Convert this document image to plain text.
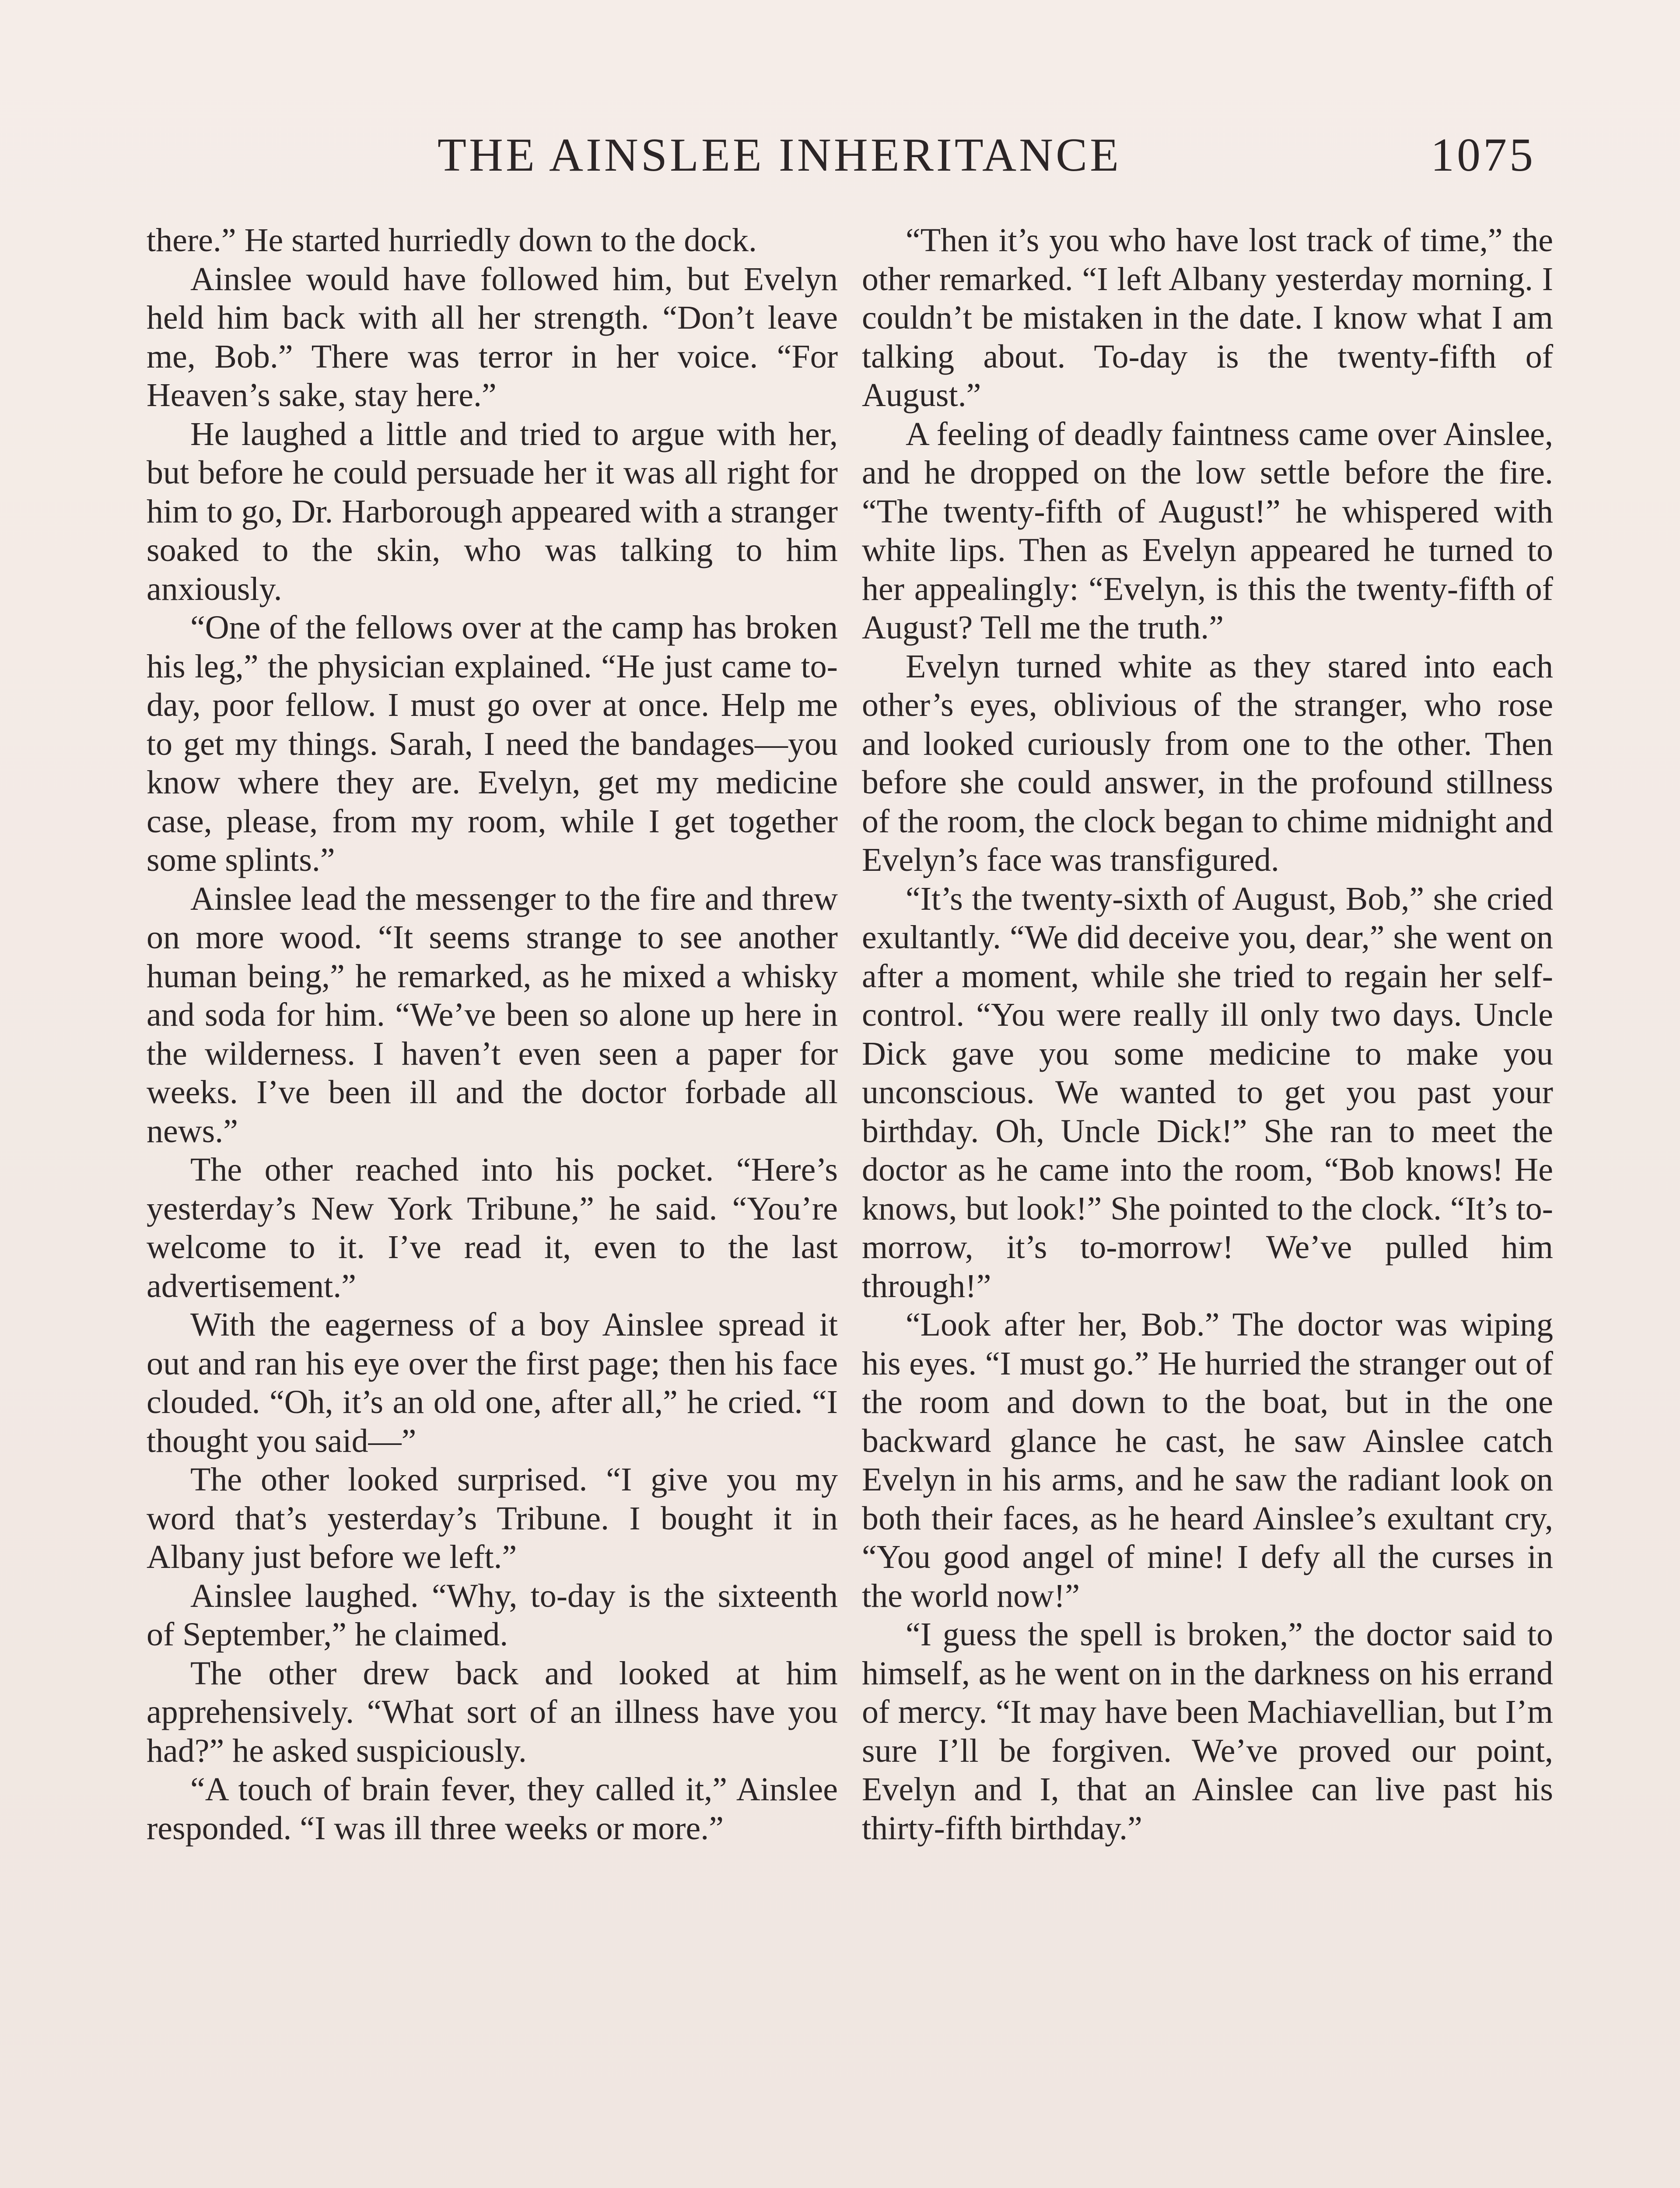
THE AINSLEE INHERITANCE	1075

there.” He started hurriedly down to the dock.

Ainslee would have followed him, but Evelyn held him back with all her strength. “Don’t leave me, Bob.” There was terror in her voice. “For Heaven’s sake, stay here.”

He laughed a little and tried to argue with her, but before he could persuade her it was all right for him to go, Dr. Harborough appeared with a stranger soaked to the skin, who was talking to him anxiously.

“One of the fellows over at the camp has broken his leg,” the physician explained. “He just came to-day, poor fellow. I must go over at once. Help me to get my things. Sarah, I need the bandages—you know where they are. Evelyn, get my medicine case, please, from my room, while I get together some splints.”

Ainslee lead the messenger to the fire and threw on more wood. “It seems strange to see another human being,” he remarked, as he mixed a whisky and soda for him. “We’ve been so alone up here in the wilderness. I haven’t even seen a paper for weeks. I’ve been ill and the doctor forbade all news.”

The other reached into his pocket. “Here’s yesterday’s New York Tribune,” he said. “You’re welcome to it. I’ve read it, even to the last advertisement.”

With the eagerness of a boy Ainslee spread it out and ran his eye over the first page; then his face clouded. “Oh, it’s an old one, after all,” he cried. “I thought you said—”

The other looked surprised. “I give you my word that’s yesterday’s Tribune. I bought it in Albany just before we left.”

Ainslee laughed. “Why, to-day is the sixteenth of September,” he claimed.

The other drew back and looked at him apprehensively. “What sort of an illness have you had?” he asked suspiciously.

“A touch of brain fever, they called it,” Ainslee responded. “I was ill three weeks or more.”

“Then it’s you who have lost track of time,” the other remarked. “I left Albany yesterday morning. I couldn’t be mistaken in the date. I know what I am talking about. To-day is the twenty-fifth of August.”

A feeling of deadly faintness came over Ainslee, and he dropped on the low settle before the fire. “The twenty-fifth of August!” he whispered with white lips. Then as Evelyn appeared he turned to her appealingly: “Evelyn, is this the twenty-fifth of August? Tell me the truth.”

Evelyn turned white as they stared into each other’s eyes, oblivious of the stranger, who rose and looked curiously from one to the other. Then before she could answer, in the profound stillness of the room, the clock began to chime midnight and Evelyn’s face was transfigured.

“It’s the twenty-sixth of August, Bob,” she cried exultantly. “We did deceive you, dear,” she went on after a moment, while she tried to regain her self-control. “You were really ill only two days. Uncle Dick gave you some medicine to make you unconscious. We wanted to get you past your birthday. Oh, Uncle Dick!” She ran to meet the doctor as he came into the room, “Bob knows! He knows, but look!” She pointed to the clock. “It’s to-morrow, it’s to-morrow! We’ve pulled him through!”

“Look after her, Bob.” The doctor was wiping his eyes. “I must go.” He hurried the stranger out of the room and down to the boat, but in the one backward glance he cast, he saw Ainslee catch Evelyn in his arms, and he saw the radiant look on both their faces, as he heard Ainslee’s exultant cry, “You good angel of mine! I defy all the curses in the world now!”

“I guess the spell is broken,” the doctor said to himself, as he went on in the darkness on his errand of mercy. “It may have been Machiavellian, but I’m sure I’ll be forgiven. We’ve proved our point, Evelyn and I, that an Ainslee can live past his thirty-fifth birthday.”
